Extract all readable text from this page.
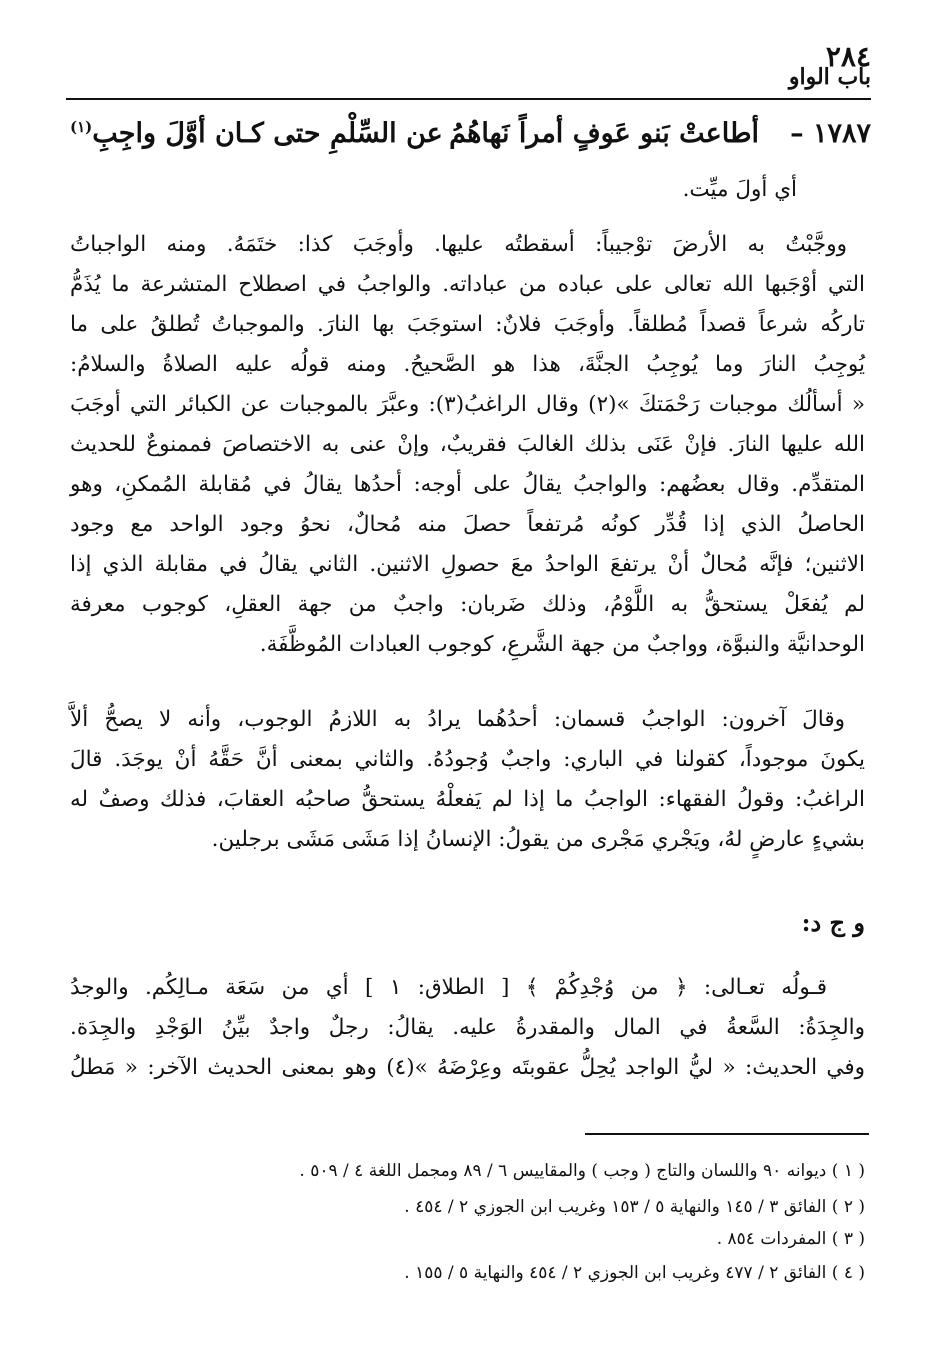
٢٨٤
باب الواو
١٧٨٧ –
أطاعتْ بَنو عَوفٍ أمراً نَهاهُمُ
عن السِّلْمِ حتى كـان أوَّلَ واجِبِ$^{(١)}$
أي أولَ ميِّت.
ووجَّبْتُ به الأرضَ توْجيباً: أسقطتُه عليها. وأوجَبَ كذا: ختَمَهُ. ومنه الواجباتُ
التي أوْجَبها الله تعالى على عباده من عباداته. والواجبُ في اصطلاح المتشرعة ما يُذَمُّ
تاركُه شرعاً قصداً مُطلقاً. وأوجَبَ فلانٌ: استوجَبَ بها النارَ. والموجباتُ تُطلقُ على ما
يُوجِبُ النارَ وما يُوجِبُ الجنَّةَ، هذا هو الصَّحيحُ. ومنه قولُه عليه الصلاةُ والسلامُ:
« أسألُك موجبات رَحْمَتكَ »(٢) وقال الراغبُ(٣): وعبَّرَ بالموجبات عن الكبائر التي أوجَبَ
الله عليها النارَ. فإنْ عَنَى بذلك الغالبَ فقريبٌ، وإنْ عنى به الاختصاصَ فممنوعٌ للحديث
المتقدِّم. وقال بعضُهم: والواجبُ يقالُ على أوجه: أحدُها يقالُ في مُقابلة المُمكنِ، وهو
الحاصلُ الذي إذا قُدِّر كونُه مُرتفعاً حصلَ منه مُحالٌ، نحوُ وجود الواحد مع وجود
الاثنين؛ فإنَّه مُحالٌ أنْ يرتفعَ الواحدُ معَ حصولِ الاثنين. الثاني يقالُ في مقابلة الذي إذا
لم يُفعَلْ يستحقُّ به اللَّوْمُ، وذلك ضَربان: واجبٌ من جهة العقلِ، كوجوب معرفة
الوحدانيَّة والنبوَّة، وواجبٌ من جهة الشَّرعِ، كوجوب العبادات المُوظَّفَة.
وقالَ آخرون: الواجبُ قسمان: أحدُهُما يرادُ به اللازمُ الوجوب، وأنه لا يصحُّ ألاَّ
يكونَ موجوداً، كقولنا في الباري: واجبٌ وُجودُهُ. والثاني بمعنى أنَّ حَقَّهُ أنْ يوجَدَ. قالَ
الراغبُ: وقولُ الفقهاء: الواجبُ ما إذا لم يَفعلْهُ يستحقُّ صاحبُه العقابَ، فذلك وصفٌ له
بشيءٍ عارضٍ لهُ، ويَجْري مَجْرى من يقولُ: الإنسانُ إذا مَشَى مَشَى برجلين.
و ج د:
قـولُه تعـالى: ﴿ من وُجْدِكُمْ ﴾ [ الطلاق: ١ ] أي من سَعَة مـالِكُم. والوجدُ
والجِدَةُ: السَّعةُ في المال والمقدرةُ عليه. يقالُ: رجلٌ واجدٌ بيِّنُ الوَجْدِ والجِدَة.
وفي الحديث: « ليُّ الواجد يُحِلُّ عقوبتَه وعِرْضَهُ »(٤) وهو بمعنى الحديث الآخر: « مَطلُ
( ١ ) ديوانه ٩٠ واللسان والتاج ( وجب ) والمقاييس ٦ / ٨٩ ومجمل اللغة ٤ / ٥٠٩ .
( ٢ ) الفائق ٣ / ١٤٥ والنهاية ٥ / ١٥٣ وغريب ابن الجوزي ٢ / ٤٥٤ .
( ٣ ) المفردات ٨٥٤ .
( ٤ ) الفائق ٢ / ٤٧٧ وغريب ابن الجوزي ٢ / ٤٥٤ والنهاية ٥ / ١٥٥ .
